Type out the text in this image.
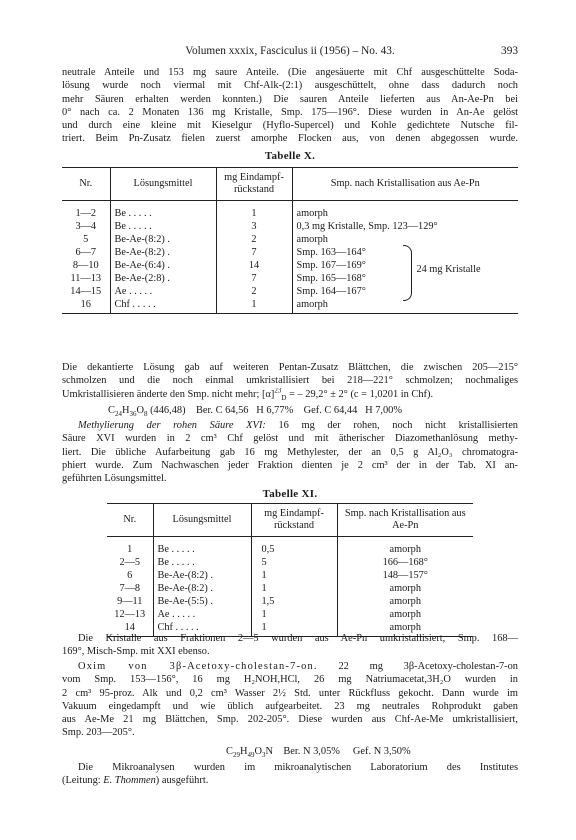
Volumen xxxix, Fasciculus ii (1956) – No. 43.	393
neutrale Anteile und 153 mg saure Anteile. (Die angesäuerte mit Chf ausgeschüttelte Soda-
lösung wurde noch viermal mit Chf-Alk-(2:1) ausgeschüttelt, ohne dass dadurch noch
mehr Säuren erhalten werden konnten.) Die sauren Anteile lieferten aus An-Ae-Pn bei
0° nach ca. 2 Monaten 136 mg Kristalle, Smp. 175—196°. Diese wurden in An-Ae gelöst
und durch eine kleine mit Kieselgur (Hyflo-Supercel) und Kohle gedichtete Nutsche fil-
triert. Beim Pn-Zusatz fielen zuerst amorphe Flocken aus, von denen abgegossen wurde.
Tabelle X.
Nr.	Lösungsmittel	mg Eindampf-rückstand	Smp. nach Kristallisation aus Ae-Pn
1—2	Be . . . . .	1	amorph
3—4	Be . . . . .	3	0,3 mg Kristalle, Smp. 123—129°
5	Be-Ae-(8:2) .	2	amorph
6—7	Be-Ae-(8:2) .	7	Smp. 163—164°
24 mg Kristalle

8—10	Be-Ae-(6:4) .	14	Smp. 167—169°
11—13	Be-Ae-(2:8) .	7	Smp. 165—168°
14—15	Ae . . . . .	2	Smp. 164—167°
16	Chf . . . . .	1	amorph
Die dekantierte Lösung gab auf weiteren Pentan-Zusatz Blättchen, die zwischen 205—215°
schmolzen und die noch einmal umkristallisiert bei 218—221° schmolzen; nochmaliges
Umkristallisieren änderte den Smp. nicht mehr; $[\alpha]^{23}_D$ = – 29,2° ± 2° (c = 1,0201 in Chf).
$C_{24}H_{36}O_8$ (446,48)    Ber. C 64,56   H 6,77%    Gef. C 64,44   H 7,00%
Methylierung der rohen Säure XVI: 16 mg der rohen, noch nicht kristallisierten
Säure XVI wurden in 2 cm³ Chf gelöst und mit ätherischer Diazomethanlösung methy-
liert. Die übliche Aufarbeitung gab 16 mg Methylester, der an 0,5 g Al₂O₃ chromatogra-
phiert wurde. Zum Nachwaschen jeder Fraktion dienten je 2 cm³ der in der Tab. XI an-
geführten Lösungsmittel.
Tabelle XI.
Nr.	Lösungsmittel	mg Eindampf-rückstand	Smp. nach Kristallisation aus Ae-Pn
1	Be . . . . .	0,5	amorph
2—5	Be . . . . .	5	166—168°
6	Be-Ae-(8:2) .	1	148—157°
7—8	Be-Ae-(8:2) .	1	amorph
9—11	Be-Ae-(5:5) .	1,5	amorph
12—13	Ae . . . . .	1	amorph
14	Chf . . . . .	1	amorph
Die Kristalle aus Fraktionen 2—5 wurden aus Ae-Pn umkristallisiert, Smp. 168—
169°, Misch-Smp. mit XXI ebenso.
Oxim von 3β-Acetoxy-cholestan-7-on. 22 mg 3β-Acetoxy-cholestan-7-on
vom Smp. 153—156°, 16 mg H₂NOH,HCl, 26 mg Natriumacetat,3H₂O wurden in
2 cm³ 95-proz. Alk und 0,2 cm³ Wasser 2½ Std. unter Rückfluss gekocht. Dann wurde im
Vakuum eingedampft und wie üblich aufgearbeitet. 23 mg neutrales Rohprodukt gaben
aus Ae-Me 21 mg Blättchen, Smp. 202-205°. Diese wurden aus Chf-Ae-Me umkristallisiert,
Smp. 203—205°.
$C_{29}H_{49}O_3N$ Ber. N 3,05%     Gef. N 3,50%
Die Mikroanalysen wurden im mikroanalytischen Laboratorium des Institutes
(Leitung: E. Thommen) ausgeführt.
